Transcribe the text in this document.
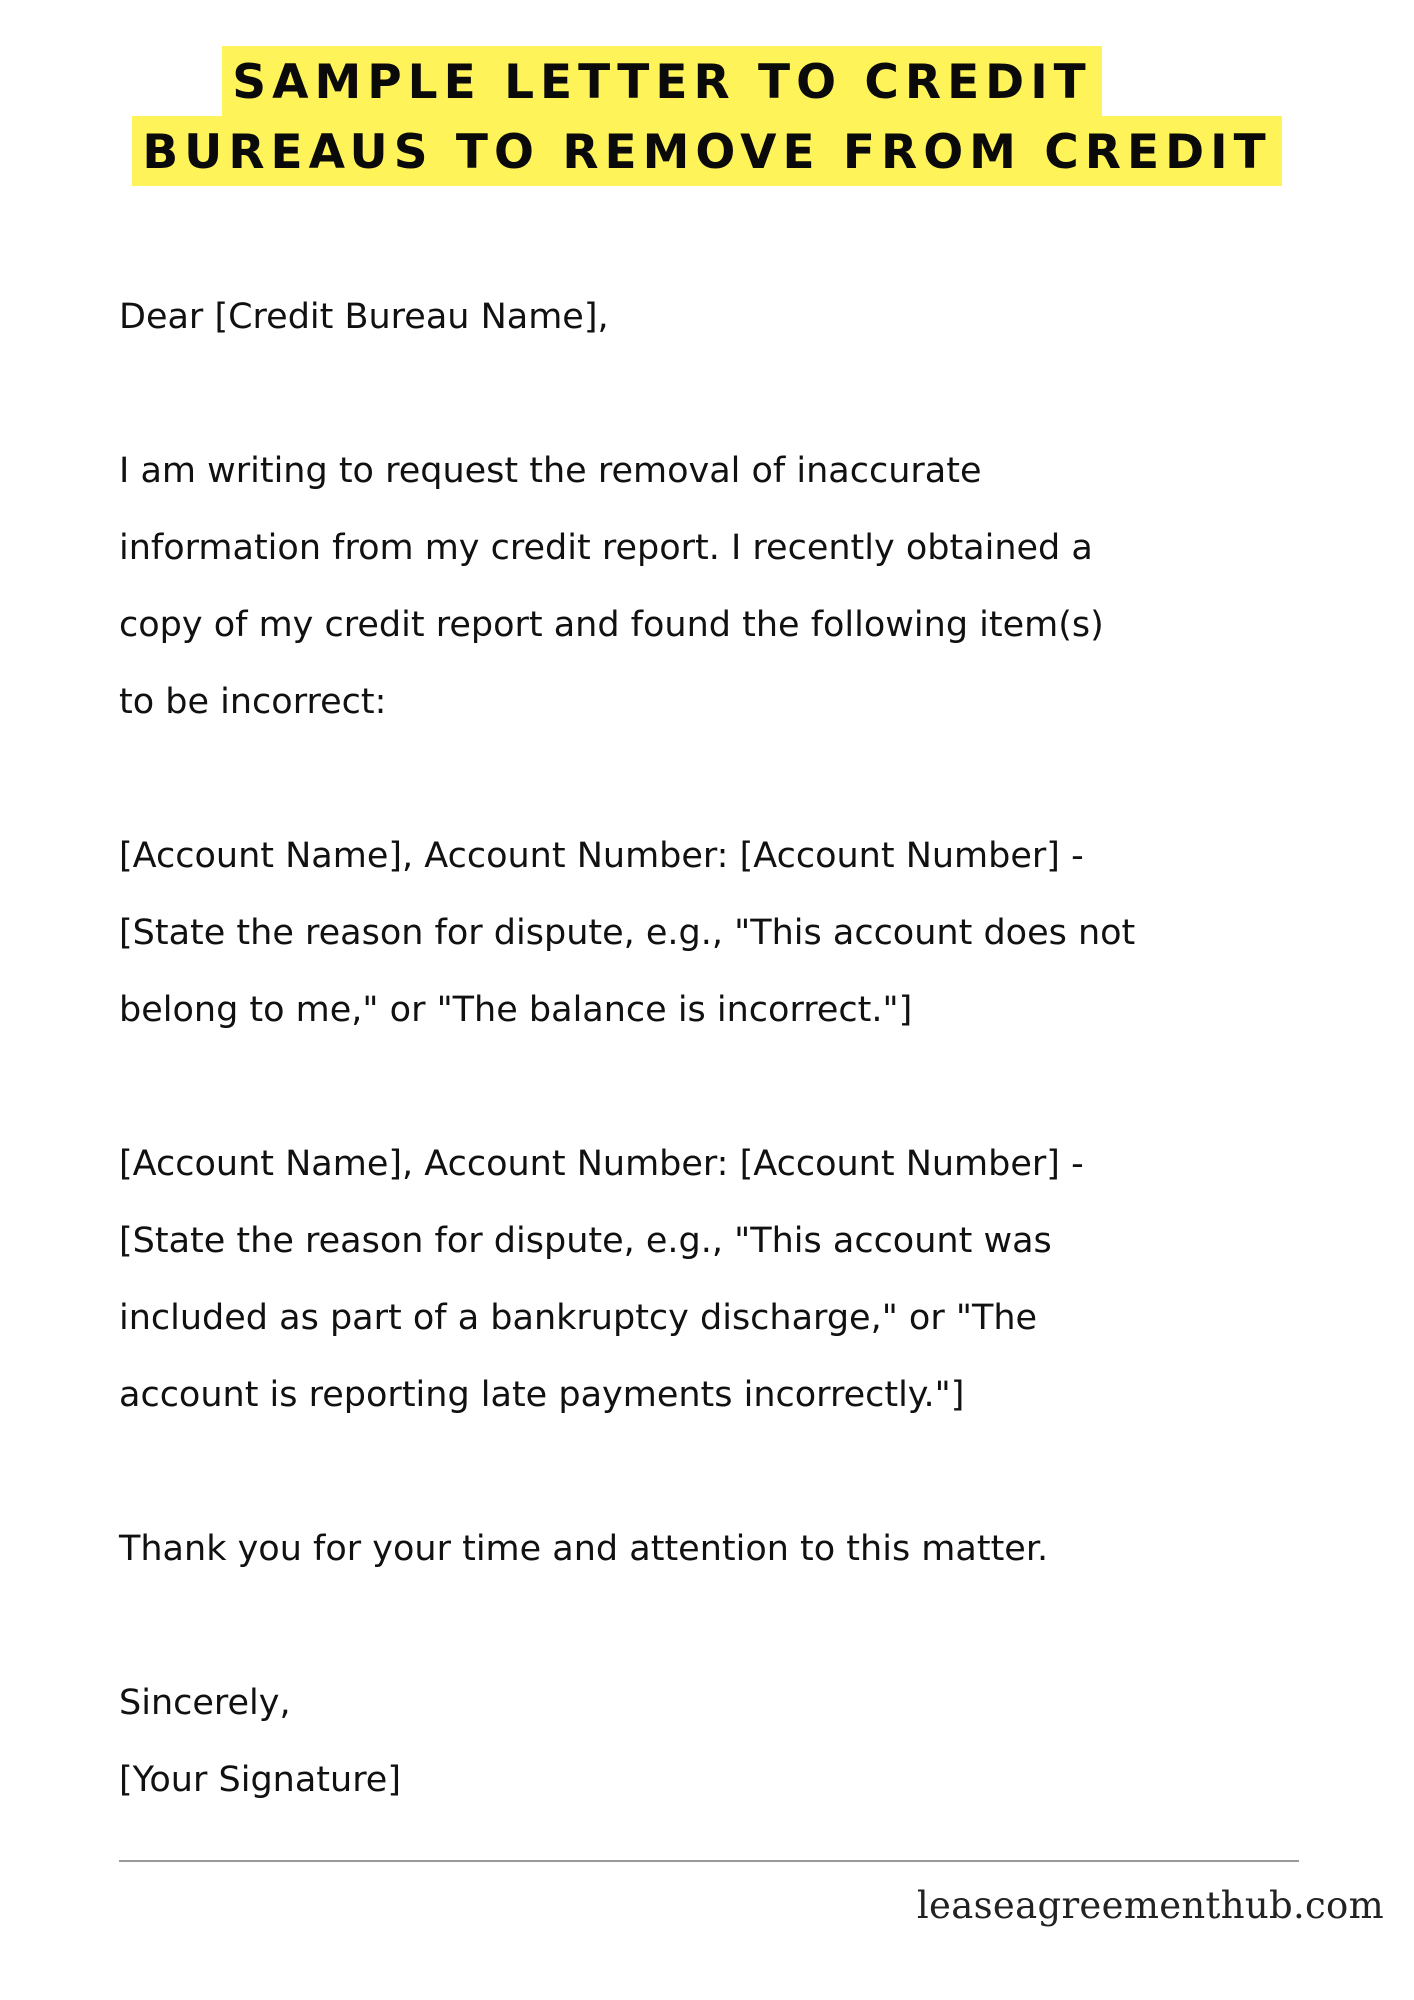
SAMPLE LETTER TO CREDIT
BUREAUS TO REMOVE FROM CREDIT

Dear [Credit Bureau Name],

I am writing to request the removal of inaccurate
information from my credit report. I recently obtained a
copy of my credit report and found the following item(s)
to be incorrect:

[Account Name], Account Number: [Account Number] -
[State the reason for dispute, e.g., "This account does not
belong to me," or "The balance is incorrect."]

[Account Name], Account Number: [Account Number] -
[State the reason for dispute, e.g., "This account was
included as part of a bankruptcy discharge," or "The
account is reporting late payments incorrectly."]

Thank you for your time and attention to this matter.

Sincerely,

[Your Signature]

leaseagreementhub.com
